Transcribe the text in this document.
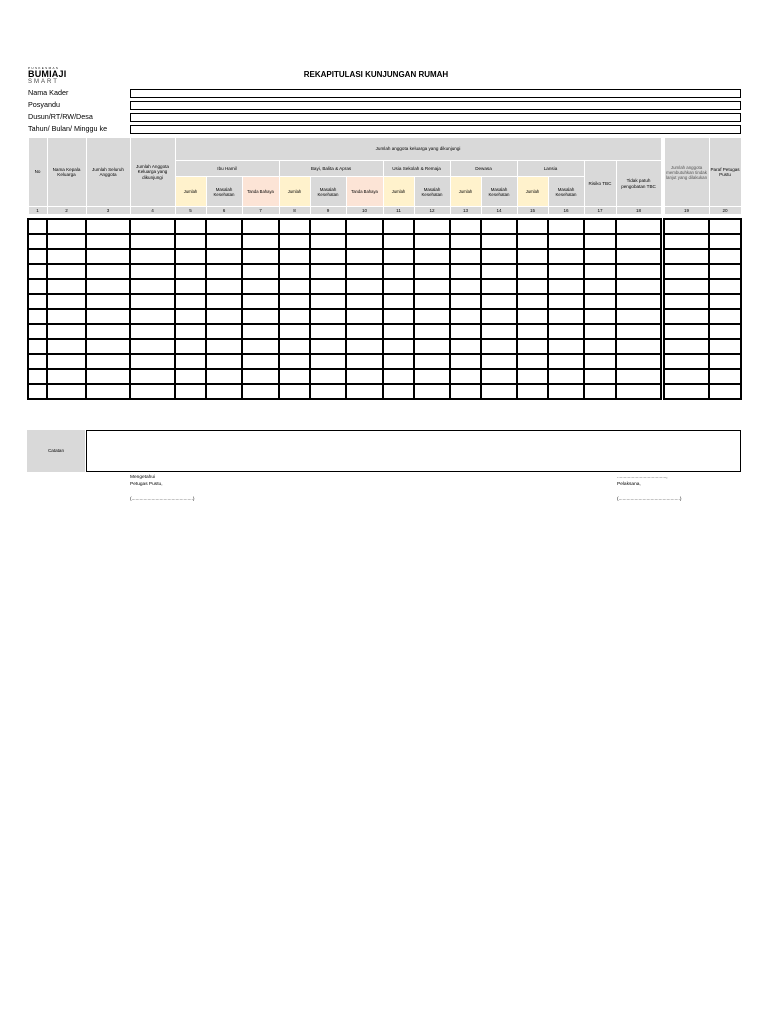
PUSKESMAS
BUMIAJI
SMART
REKAPITULASI KUNJUNGAN RUMAH
Nama Kader
Posyandu
Dusun/RT/RW/Desa
Tahun/ Bulan/ Minggu ke
No	Nama Kepala Keluarga	Jumlah Seluruh Anggota	Jumlah Anggota Keluarga yang dikunjungi	Jumlah anggota keluarga yang dikunjungi															Jumlah anggota membutuhkan tindak lanjut yang dilakukan	Paraf Petugas Pustu
				Ibu Hamil			Bayi, Balita & Apras			Usia Sekolah & Remaja		Dewasa		Lansia		Risiko TBC	Tidak patuh pengobatan TBC			
				Jumlah	Masalah Kesehatan	Tanda Bahaya	Jumlah	Masalah Kesehatan	Tanda Bahaya	Jumlah	Masalah Kesehatan	Jumlah	Masalah Kesehatan	Jumlah	Masalah Kesehatan					
1	2	3	4	5	6	7	8	9	10	11	12	13	14	15	16	17	18		19	20

Catatan
Mengetahui
Petugas Pustu,
(..............................................)
.....................................,
Pelaksana,
(..............................................)
